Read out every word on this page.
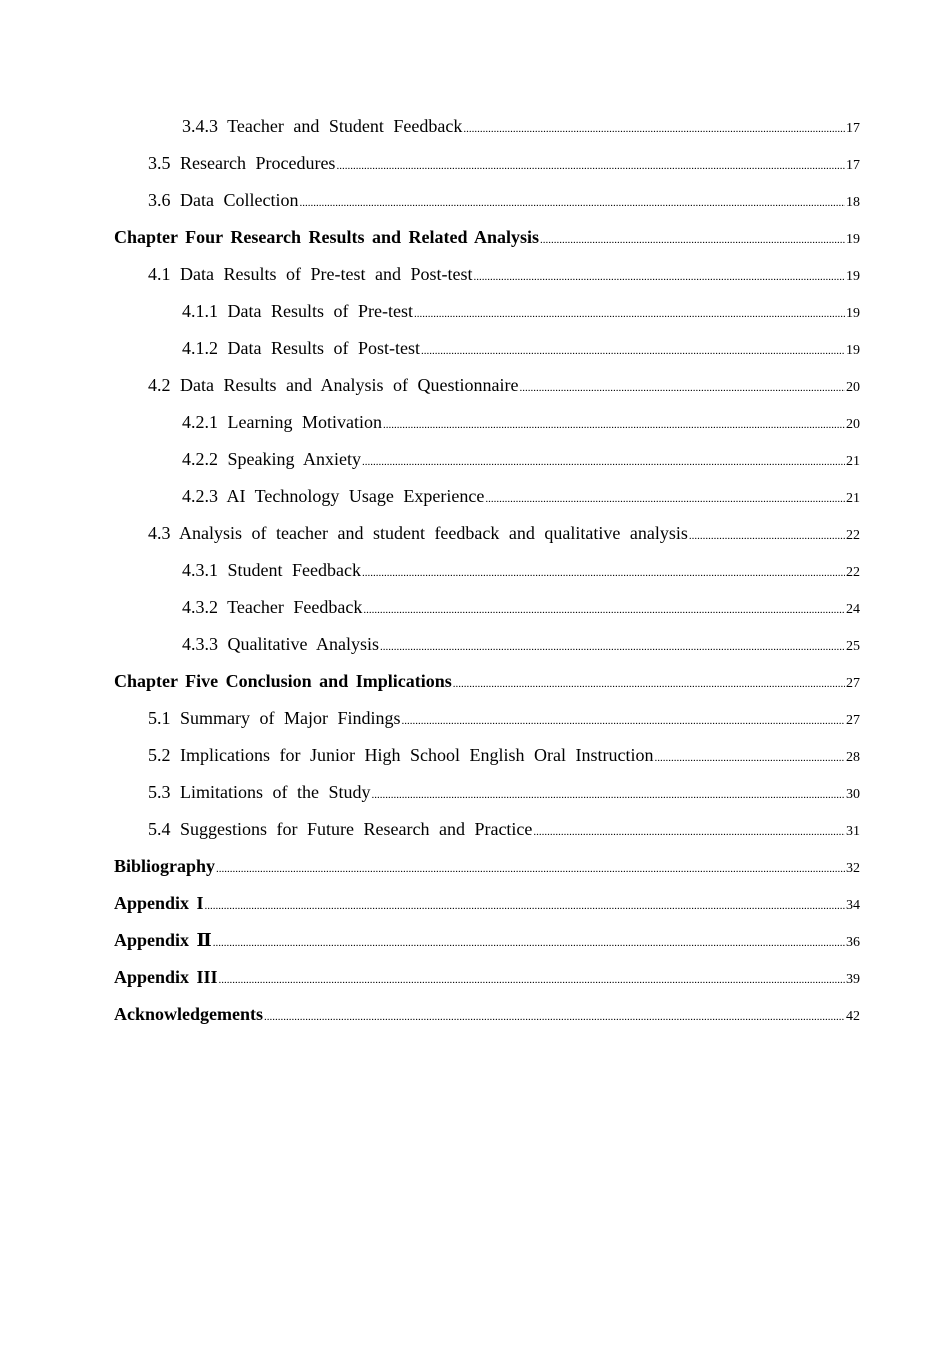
3.4.3 Teacher and Student Feedback .....	17
3.5 Research Procedures .....	17
3.6 Data Collection .....	18
Chapter Four Research Results and Related Analysis .....	19
4.1 Data Results of Pre-test and Post-test .....	19
4.1.1 Data Results of Pre-test .....	19
4.1.2 Data Results of Post-test .....	19
4.2 Data Results and Analysis of Questionnaire .....	20
4.2.1 Learning Motivation .....	20
4.2.2 Speaking Anxiety .....	21
4.2.3 AI Technology Usage Experience .....	21
4.3 Analysis of teacher and student feedback and qualitative analysis .....	22
4.3.1 Student Feedback .....	22
4.3.2 Teacher Feedback .....	24
4.3.3 Qualitative Analysis .....	25
Chapter Five Conclusion and Implications .....	27
5.1 Summary of Major Findings .....	27
5.2 Implications for Junior High School English Oral Instruction .....	28
5.3 Limitations of the Study .....	30
5.4 Suggestions for Future Research and Practice .....	31
Bibliography .....	32
Appendix I .....	34
Appendix Ⅱ .....	36
Appendix III .....	39
Acknowledgements .....	42
